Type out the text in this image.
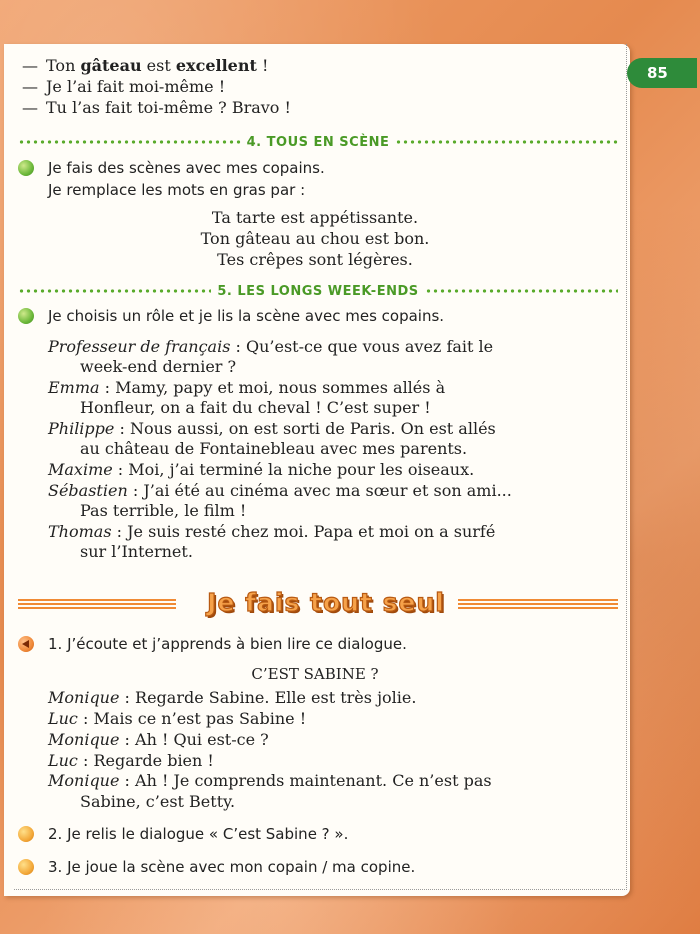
85
— Ton gâteau est excellent !
— Je l’ai fait moi-même !
— Tu l’as fait toi-même ? Bravo !
4. TOUS EN SCÈNE
Je fais des scènes avec mes copains.
Je remplace les mots en gras par :
Ta tarte est appétissante.
Ton gâteau au chou est bon.
Tes crêpes sont légères.
5. LES LONGS WEEK-ENDS
Je choisis un rôle et je lis la scène avec mes copains.
Professeur de français : Qu’est-ce que vous avez fait le
week-end dernier ?
Emma : Mamy, papy et moi, nous sommes allés à
Honfleur, on a fait du cheval ! C’est super !
Philippe : Nous aussi, on est sorti de Paris. On est allés
au château de Fontainebleau avec mes parents.
Maxime : Moi, j’ai terminé la niche pour les oiseaux.
Sébastien : J’ai été au cinéma avec ma sœur et son ami...
Pas terrible, le film !
Thomas : Je suis resté chez moi. Papa et moi on a surfé
sur l’Internet.
Je fais tout seul
1. J’écoute et j’apprends à bien lire ce dialogue.
C’EST SABINE ?
Monique : Regarde Sabine. Elle est très jolie.
Luc : Mais ce n’est pas Sabine !
Monique : Ah ! Qui est-ce ?
Luc : Regarde bien !
Monique : Ah ! Je comprends maintenant. Ce n’est pas
Sabine, c’est Betty.
2. Je relis le dialogue « C’est Sabine ? ».
3. Je joue la scène avec mon copain / ma copine.
